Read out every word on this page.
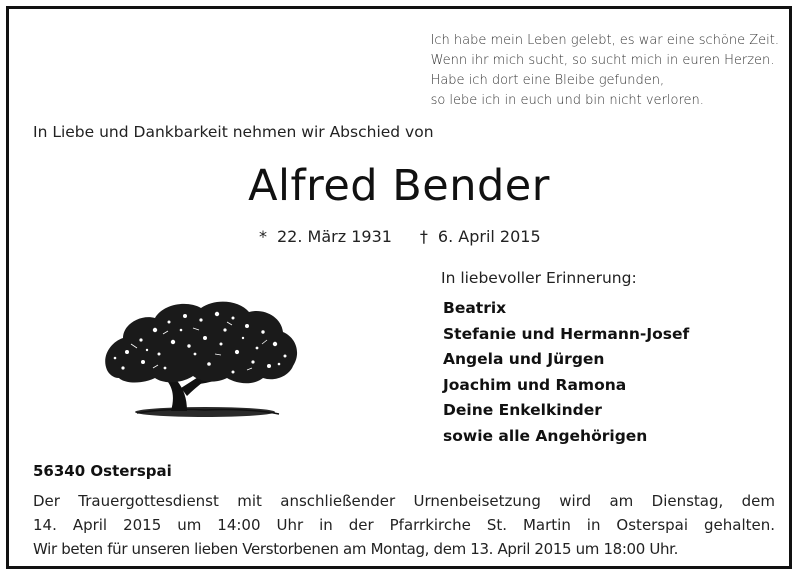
Ich habe mein Leben gelebt, es war eine schöne Zeit.
Wenn ihr mich sucht, so sucht mich in euren Herzen.
Habe ich dort eine Bleibe gefunden,
so lebe ich in euch und bin nicht verloren.
In Liebe und Dankbarkeit nehmen wir Abschied von
Alfred Bender
* 22. März 1931 † 6. April 2015
In liebevoller Erinnerung:
Beatrix
Stefanie und Hermann-Josef
Angela und Jürgen
Joachim und Ramona
Deine Enkelkinder
sowie alle Angehörigen
56340 Osterspai
Der Trauergottesdienst mit anschließender Urnenbeisetzung wird am Dienstag, dem
14. April 2015 um 14:00 Uhr in der Pfarrkirche St. Martin in Osterspai gehalten.
Wir beten für unseren lieben Verstorbenen am Montag, dem 13. April 2015 um 18:00 Uhr.
